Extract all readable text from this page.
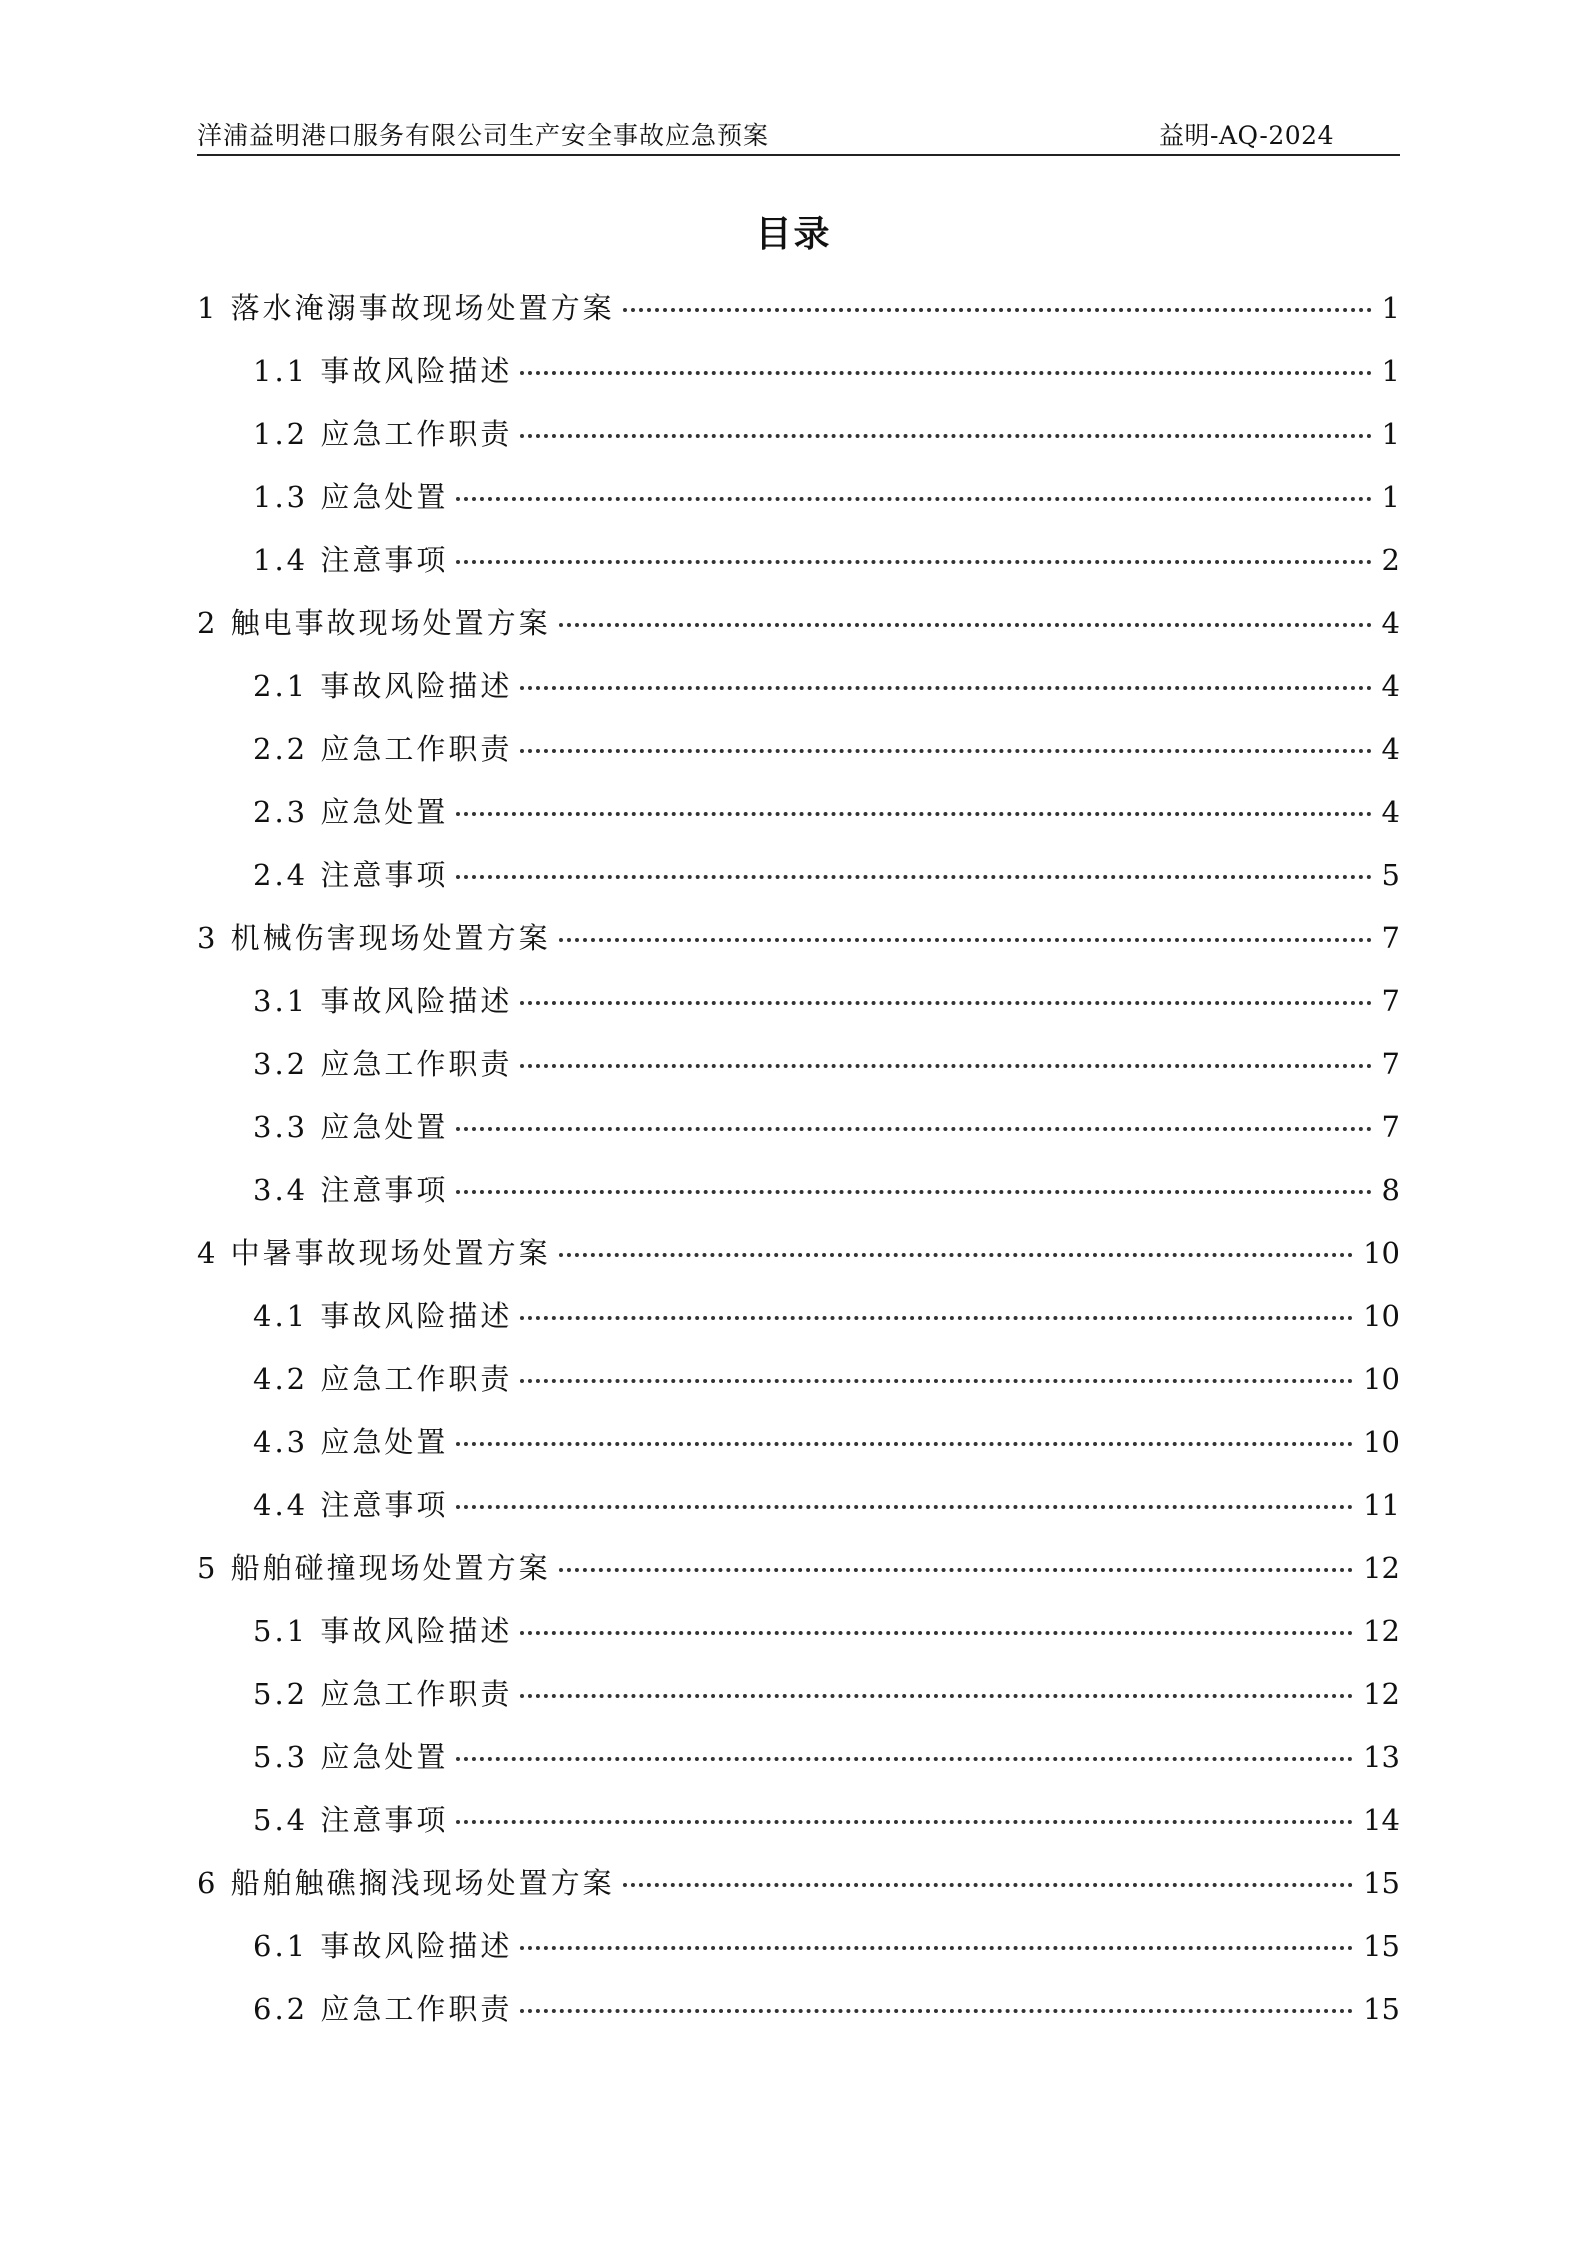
洋浦益明港口服务有限公司生产安全事故应急预案	益明-AQ-2024
目录
1 落水淹溺事故现场处置方案	1
1.1 事故风险描述	1
1.2 应急工作职责	1
1.3 应急处置	1
1.4 注意事项	2
2 触电事故现场处置方案	4
2.1 事故风险描述	4
2.2 应急工作职责	4
2.3 应急处置	4
2.4 注意事项	5
3 机械伤害现场处置方案	7
3.1 事故风险描述	7
3.2 应急工作职责	7
3.3 应急处置	7
3.4 注意事项	8
4 中暑事故现场处置方案	10
4.1 事故风险描述	10
4.2 应急工作职责	10
4.3 应急处置	10
4.4 注意事项	11
5 船舶碰撞现场处置方案	12
5.1 事故风险描述	12
5.2 应急工作职责	12
5.3 应急处置	13
5.4 注意事项	14
6 船舶触礁搁浅现场处置方案	15
6.1 事故风险描述	15
6.2 应急工作职责	15
